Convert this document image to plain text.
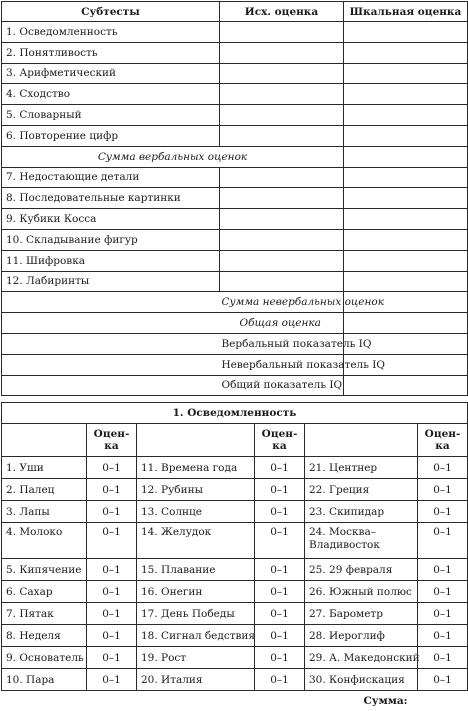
Субтесты	Исх. оценка	Шкальная оценка
1. Осведомленность		
2. Понятливость		
3. Арифметический		
4. Сходство		
5. Словарный		
6. Повторение цифр		
Сумма вербальных оценок		
7. Недостающие детали		
8. Последовательные картинки		
9. Кубики Косса		
10. Складывание фигур		
11. Шифровка		
12. Лабиринты		
	Сумма невербальных оценок	
	Общая оценка	
	Вербальный показатель IQ	
	Невербальный показатель IQ	
	Общий показатель IQ	
1. Осведомленность					
	Оцен-ка		Оцен-ка		Оцен-ка
1. Уши	0–1	11. Времена года	0–1	21. Центнер	0–1
2. Палец	0–1	12. Рубины	0–1	22. Греция	0–1
3. Лапы	0–1	13. Солнце	0–1	23. Скипидар	0–1
4. Молоко	0–1	14. Желудок	0–1	24. Москва–Владивосток	0–1
5. Кипячение	0–1	15. Плавание	0–1	25. 29 февраля	0–1
6. Сахар	0–1	16. Онегин	0–1	26. Южный полюс	0–1
7. Пятак	0–1	17. День Победы	0–1	27. Барометр	0–1
8. Неделя	0–1	18. Сигнал бедствия	0–1	28. Иероглиф	0–1
9. Основатель	0–1	19. Рост	0–1	29. А. Македонский	0–1
10. Пара	0–1	20. Италия	0–1	30. Конфискация	0–1
Сумма:					
